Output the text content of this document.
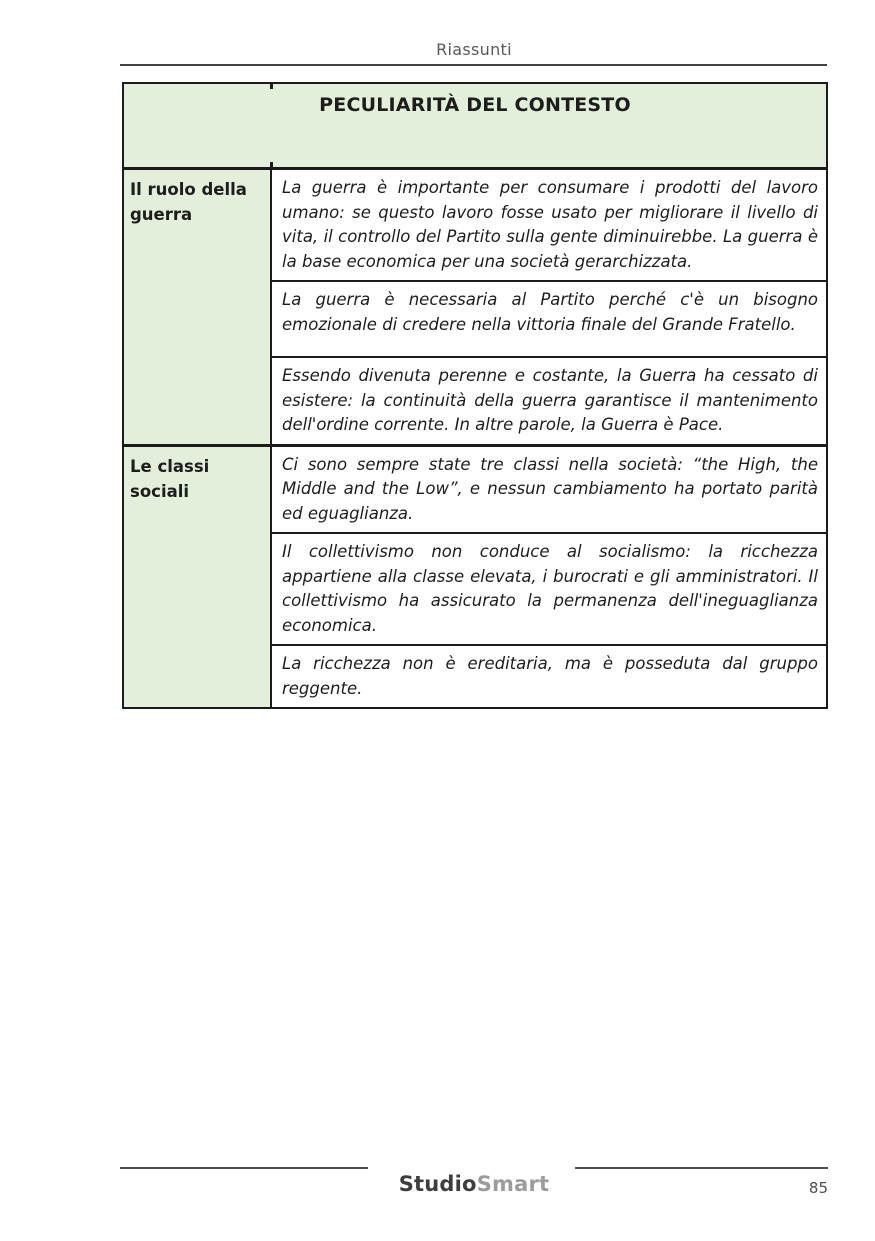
Riassunti
PECULIARITÀ DEL CONTESTO	

Il ruolo della guerra	La guerra è importante per consumare i prodotti del lavoro umano: se questo lavoro fosse usato per migliorare il livello di vita, il controllo del Partito sulla gente diminuirebbe. La guerra è la base economica per una società gerarchizzata.

	La guerra è necessaria al Partito perché c'è un bisogno emozionale di credere nella vittoria finale del Grande Fratello.

	Essendo divenuta perenne e costante, la Guerra ha cessato di esistere: la continuità della guerra garantisce il mantenimento dell'ordine corrente. In altre parole, la Guerra è Pace.

Le classi sociali	Ci sono sempre state tre classi nella società: “the High, the Middle and the Low”, e nessun cambiamento ha portato parità ed eguaglianza.

	Il collettivismo non conduce al socialismo: la ricchezza appartiene alla classe elevata, i burocrati e gli amministratori. Il collettivismo ha assicurato la permanenza dell'ineguaglianza economica.

	La ricchezza non è ereditaria, ma è posseduta dal gruppo reggente.
StudioSmart	85
